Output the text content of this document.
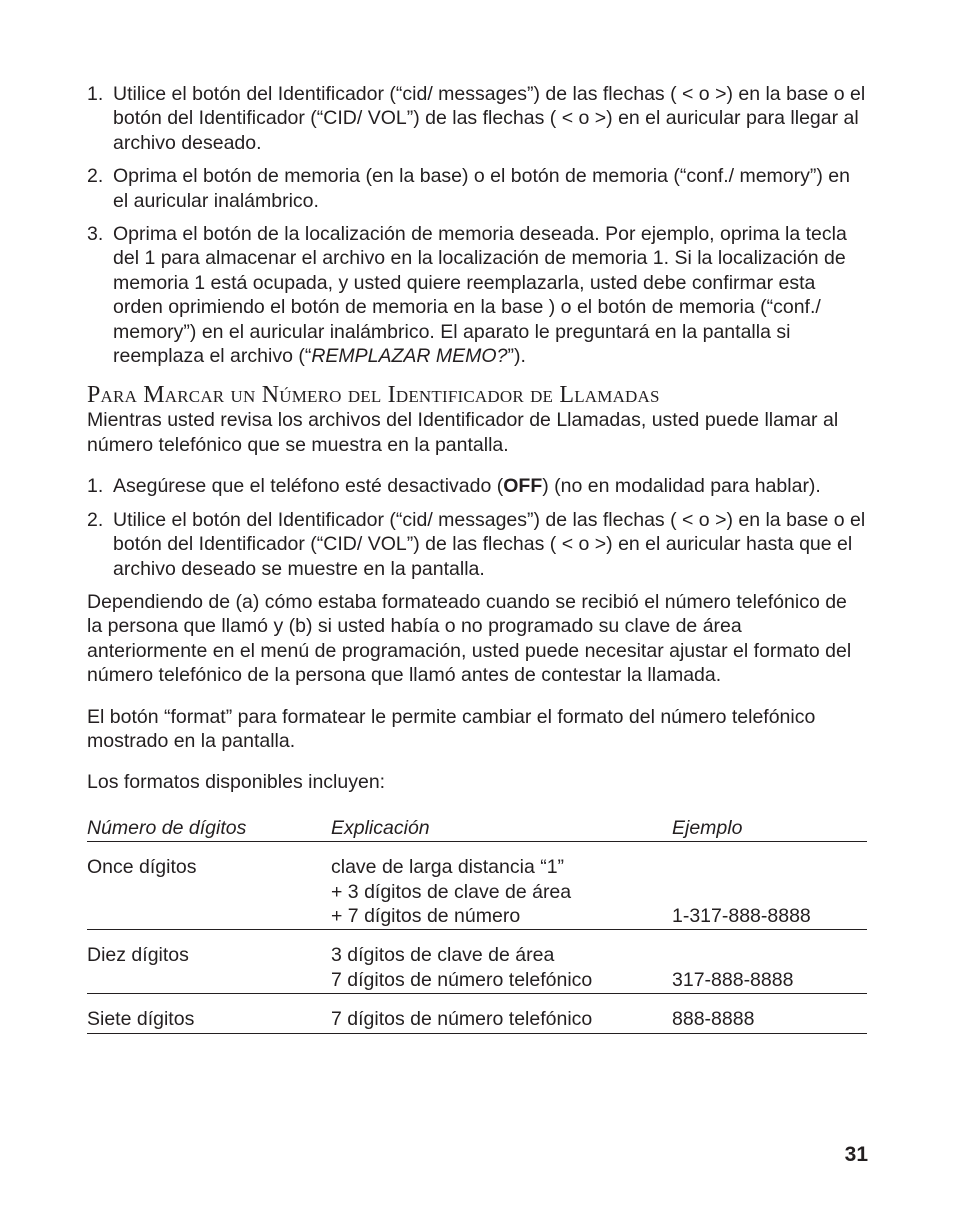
1. Utilice el botón del Identificador (“cid/ messages”) de las flechas ( < o >) en la base o el botón del Identificador (“CID/ VOL”) de las flechas ( < o >) en el auricular para llegar al archivo deseado.
2. Oprima el botón de memoria (en la base) o el botón de memoria (“conf./ memory”) en el auricular inalámbrico.
3. Oprima el botón de la localización de memoria deseada. Por ejemplo, oprima la tecla del 1 para almacenar el archivo en la localización de memoria 1. Si la localización de memoria 1 está ocupada, y usted quiere reemplazarla, usted debe confirmar esta orden oprimiendo el botón de memoria en la base ) o el botón de memoria (“conf./ memory”) en el auricular inalámbrico. El aparato le preguntará en la pantalla si reemplaza el archivo (“REMPLAZAR MEMO?”).
Para Marcar un Número del Identificador de Llamadas

Mientras usted revisa los archivos del Identificador de Llamadas, usted puede llamar al número telefónico que se muestra en la pantalla.

1. Asegúrese que el teléfono esté desactivado (OFF) (no en modalidad para hablar).
2. Utilice el botón del Identificador (“cid/ messages”) de las flechas ( < o >) en la base o el botón del Identificador (“CID/ VOL”) de las flechas ( < o >) en el auricular hasta que el archivo deseado se muestre en la pantalla.

Dependiendo de (a) cómo estaba formateado cuando se recibió el número telefónico de la persona que llamó y (b) si usted había o no programado su clave de área anteriormente en el menú de programación, usted puede necesitar ajustar el formato del número telefónico de la persona que llamó antes de contestar la llamada.

El botón “format” para formatear le permite cambiar el formato del número telefónico mostrado en la pantalla.

Los formatos disponibles incluyen:

Número de dígitos	Explicación	Ejemplo
Once dígitos	clave de larga distancia “1”
+ 3 dígitos de clave de área
+ 7 dígitos de número	1-317-888-8888
Diez dígitos	3 dígitos de clave de área
7 dígitos de número telefónico	317-888-8888
Siete dígitos	7 dígitos de número telefónico	888-8888
31
